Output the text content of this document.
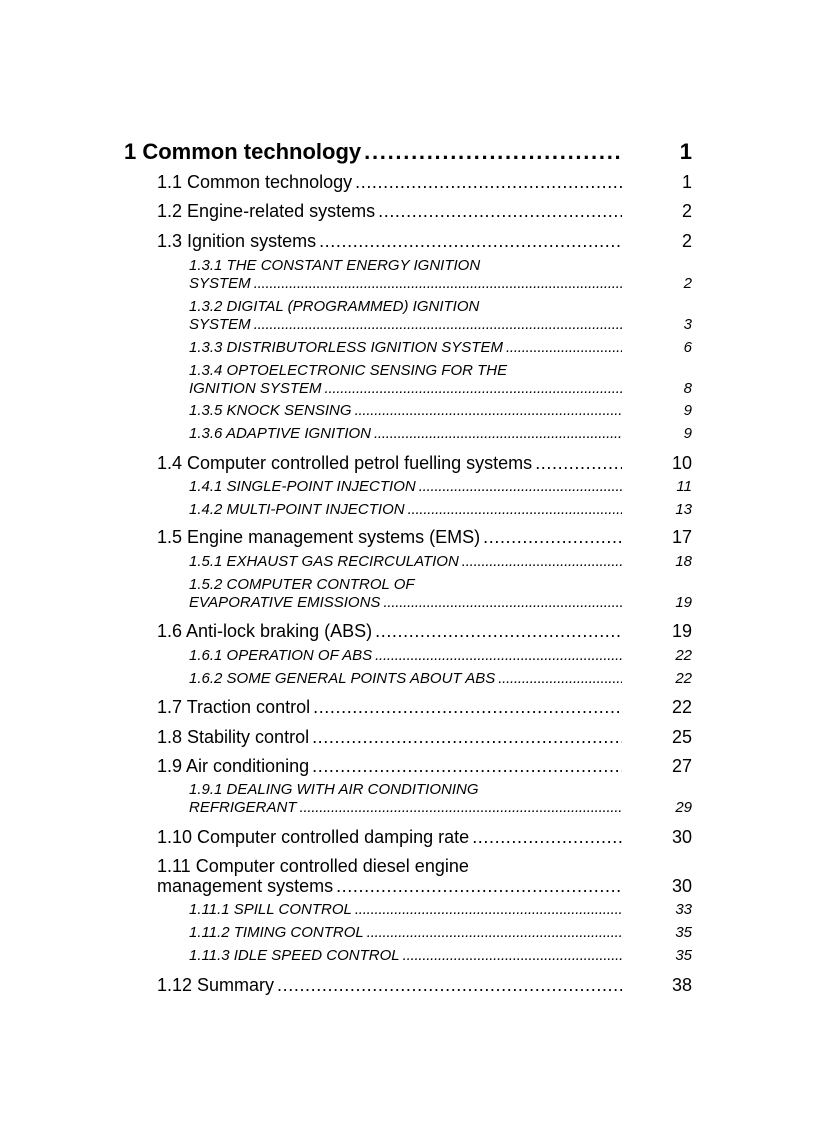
1 Common technology . . .	1
1.1 Common technology . . .	1
1.2 Engine-related systems . . .	2
1.3 Ignition systems . . .	2
1.3.1 THE CONSTANT ENERGY IGNITION
SYSTEM . . .	2
1.3.2 DIGITAL (PROGRAMMED) IGNITION
SYSTEM . . .	3
1.3.3 DISTRIBUTORLESS IGNITION SYSTEM . . .	6
1.3.4 OPTOELECTRONIC SENSING FOR THE
IGNITION SYSTEM . . .	8
1.3.5 KNOCK SENSING . . .	9
1.3.6 ADAPTIVE IGNITION . . .	9
1.4 Computer controlled petrol fuelling systems . . .	10
1.4.1 SINGLE-POINT INJECTION . . .	11
1.4.2 MULTI-POINT INJECTION . . .	13
1.5 Engine management systems (EMS) . . .	17
1.5.1 EXHAUST GAS RECIRCULATION . . .	18
1.5.2 COMPUTER CONTROL OF
EVAPORATIVE EMISSIONS . . .	19
1.6 Anti-lock braking (ABS) . . .	19
1.6.1 OPERATION OF ABS . . .	22
1.6.2 SOME GENERAL POINTS ABOUT ABS . . .	22
1.7 Traction control . . .	22
1.8 Stability control . . .	25
1.9 Air conditioning . . .	27
1.9.1 DEALING WITH AIR CONDITIONING
REFRIGERANT . . .	29
1.10 Computer controlled damping rate . . .	30
1.11 Computer controlled diesel engine
management systems . . .	30
1.11.1 SPILL CONTROL . . .	33
1.11.2 TIMING CONTROL . . .	35
1.11.3 IDLE SPEED CONTROL . . .	35
1.12 Summary . . .	38
